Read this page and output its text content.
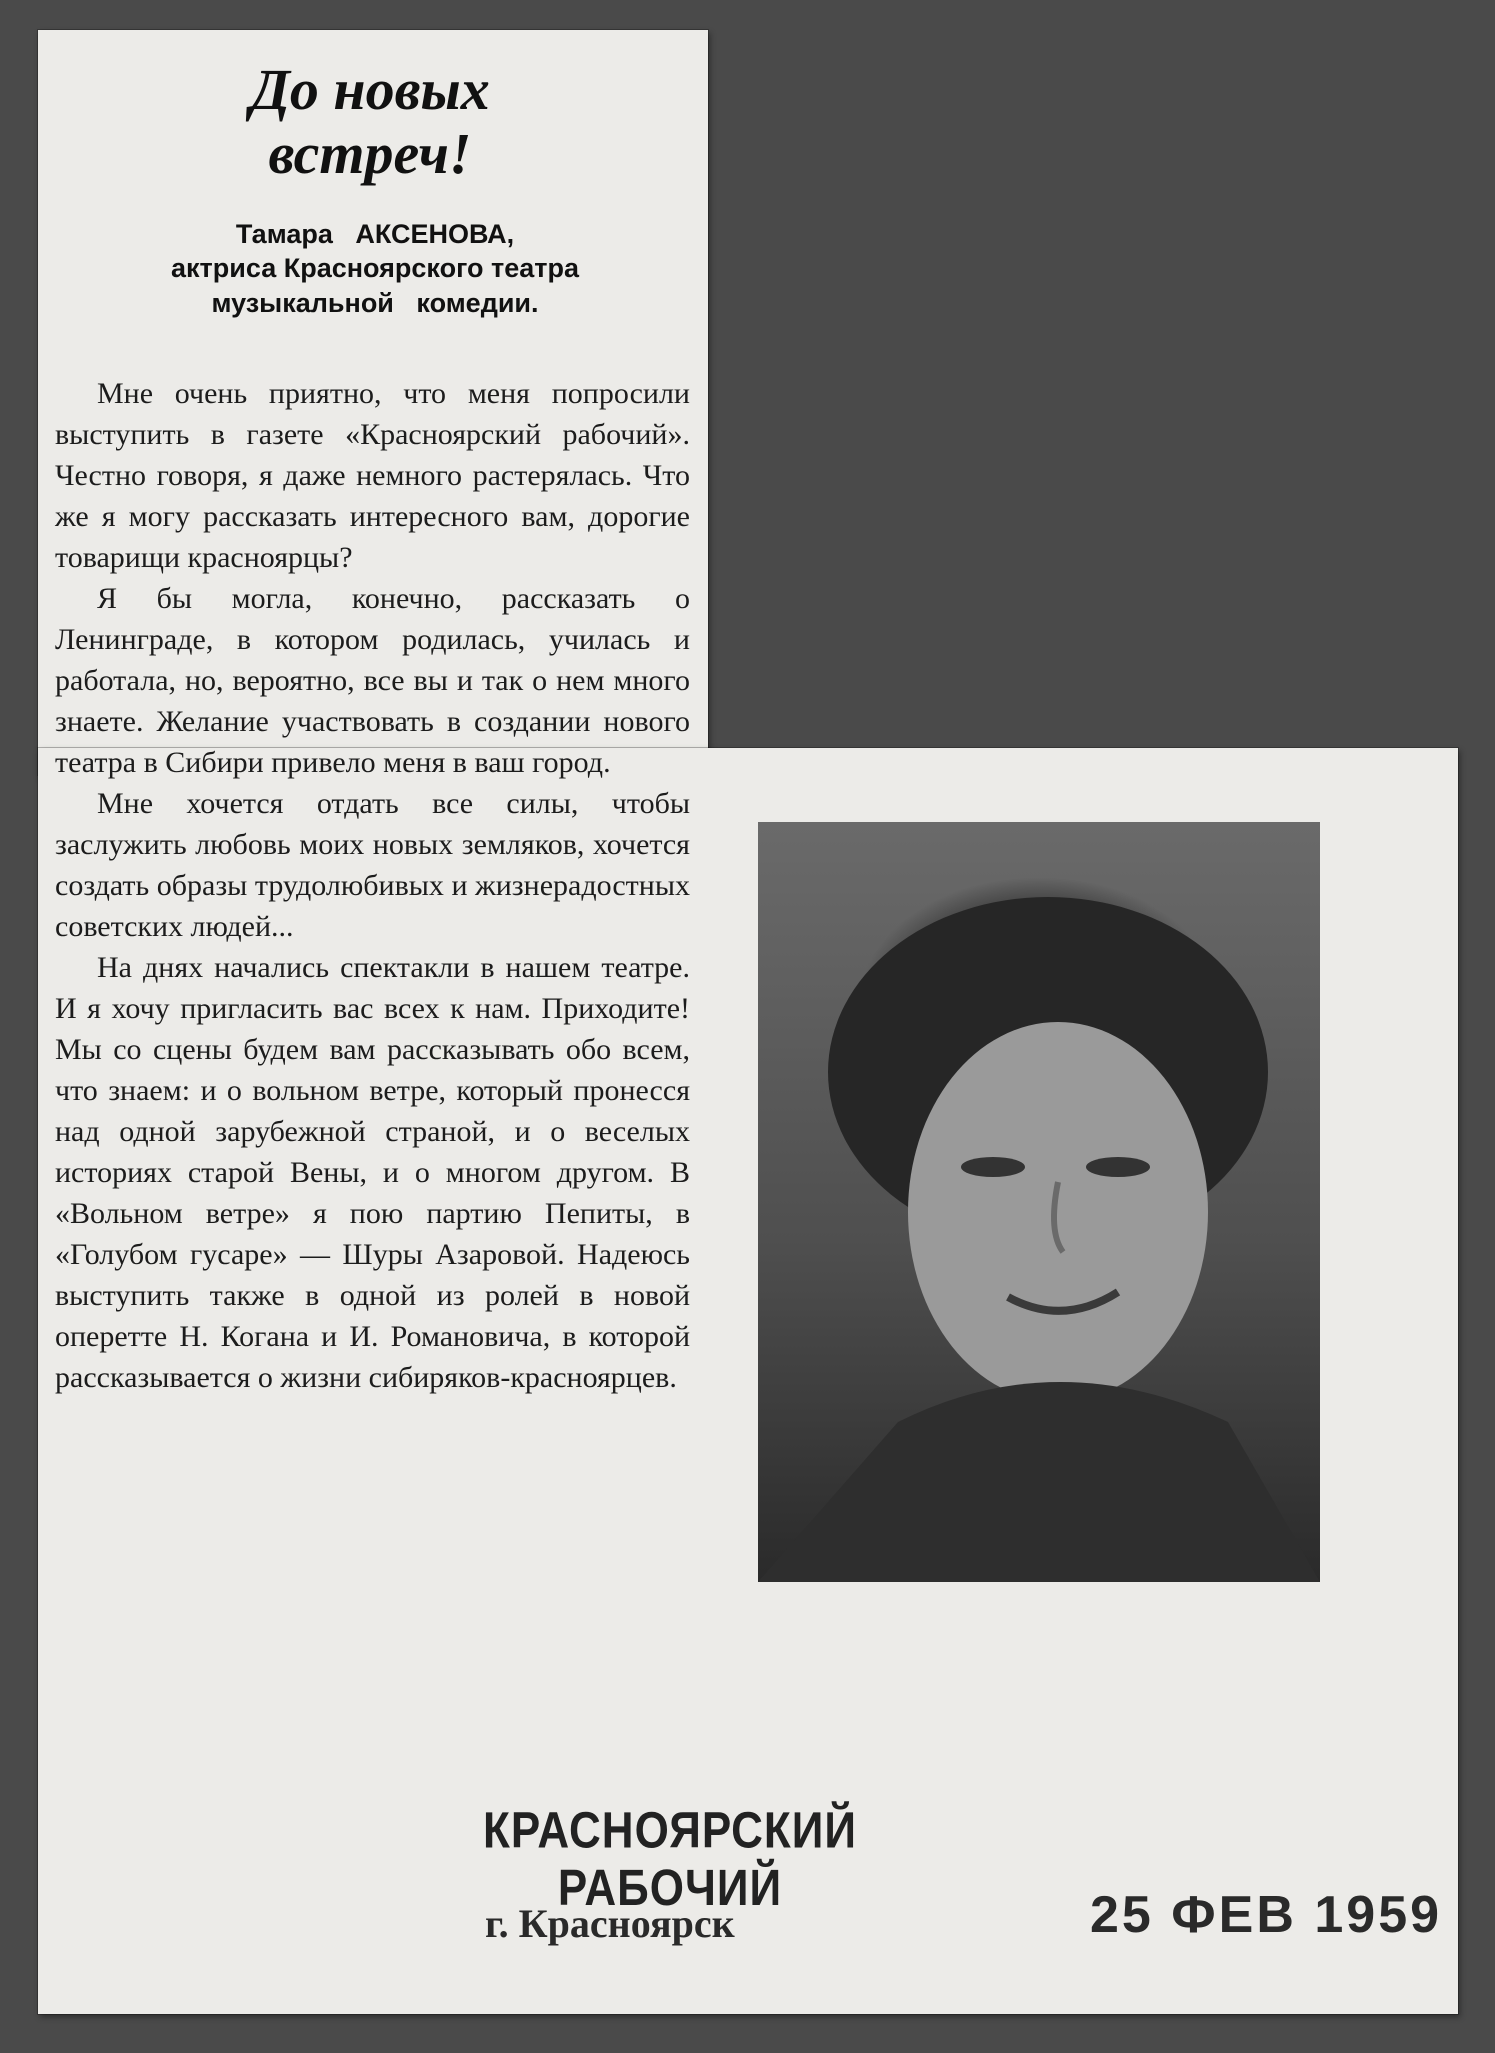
До новых
встреч!
Тамара   АКСЕНОВА,
актриса Красноярского театра
музыкальной   комедии.

Мне очень приятно, что меня попросили выступить в газете «Красноярский рабочий». Честно говоря, я даже немного растерялась. Что же я могу рассказать интересного вам, дорогие товарищи красноярцы?

Я бы могла, конечно, рассказать о Ленинграде, в котором родилась, училась и работала, но, вероятно, все вы и так о нем много знаете. Желание участвовать в создании нового театра в Сибири привело меня в ваш город.

Мне хочется отдать все силы, чтобы заслужить любовь моих новых земляков, хочется создать образы трудолюбивых и жизнерадостных советских людей...

На днях начались спектакли в нашем театре. И я хочу пригласить вас всех к нам. Приходите! Мы со сцены будем вам рассказывать обо всем, что знаем: и о вольном ветре, который пронесся над одной зарубежной страной, и о веселых историях старой Вены, и о многом другом. В «Вольном ветре» я пою партию Пепиты, в «Голубом гусаре» — Шуры Азаровой. Надеюсь выступить также в одной из ролей в новой оперетте Н. Когана и И. Романовича, в которой рассказывается о жизни сибиряков-красноярцев.

КРАСНОЯРСКИЙ РАБОЧИЙ
г. Красноярск	25 ФЕВ 1959
